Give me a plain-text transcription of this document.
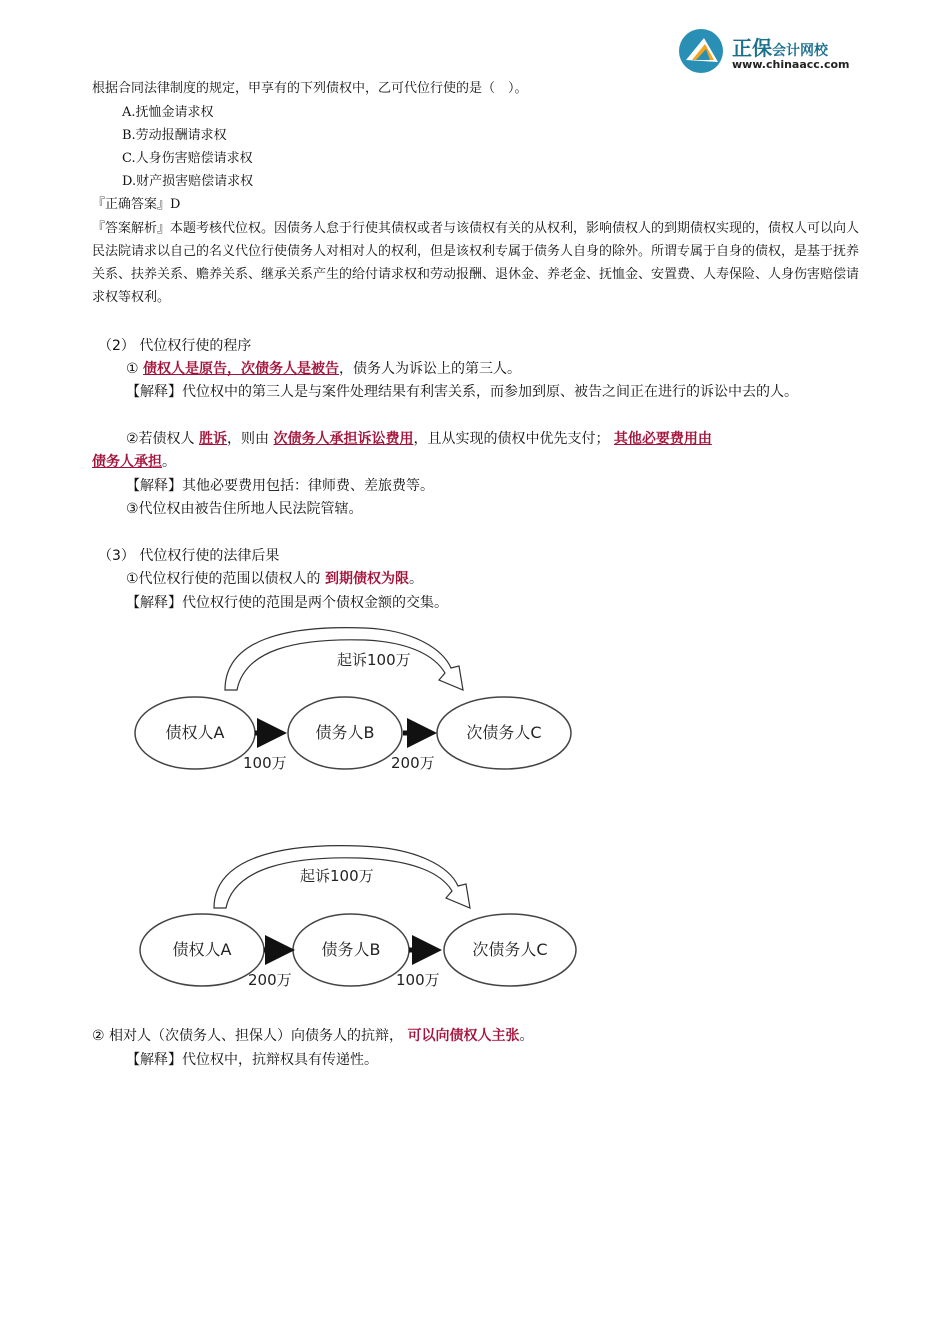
正保会计网校
www.chinaacc.com
根据合同法律制度的规定，甲享有的下列债权中，乙可代位行使的是（　）。
A.抚恤金请求权
B.劳动报酬请求权
C.人身伤害赔偿请求权
D.财产损害赔偿请求权
『正确答案』D
『答案解析』本题考核代位权。因债务人怠于行使其债权或者与该债权有关的从权利，影响债权人的到期债权实现的，债权人可以向人民法院请求以自己的名义代位行使债务人对相对人的权利，但是该权利专属于债务人自身的除外。所谓专属于自身的债权，是基于抚养关系、扶养关系、赡养关系、继承关系产生的给付请求权和劳动报酬、退休金、养老金、抚恤金、安置费、人寿保险、人身伤害赔偿请求权等权利。
（2） 代位权行使的程序
① 债权人是原告，次债务人是被告，债务人为诉讼上的第三人。
【解释】代位权中的第三人是与案件处理结果有利害关系，而参加到原、被告之间正在进行的诉讼中去的人。
②若债权人 胜诉，则由 次债务人承担诉讼费用，且从实现的债权中优先支付； 其他必要费用由
债务人承担。
【解释】其他必要费用包括：律师费、差旅费等。
③代位权由被告住所地人民法院管辖。
（3） 代位权行使的法律后果
①代位权行使的范围以债权人的 到期债权为限。
【解释】代位权行使的范围是两个债权金额的交集。
起诉100万
债权人A	债务人B	次债务人C
100万	200万
起诉100万
债权人A	债务人B	次债务人C
200万	100万
② 相对人（次债务人、担保人）向债务人的抗辩， 可以向债权人主张。
【解释】代位权中，抗辩权具有传递性。
